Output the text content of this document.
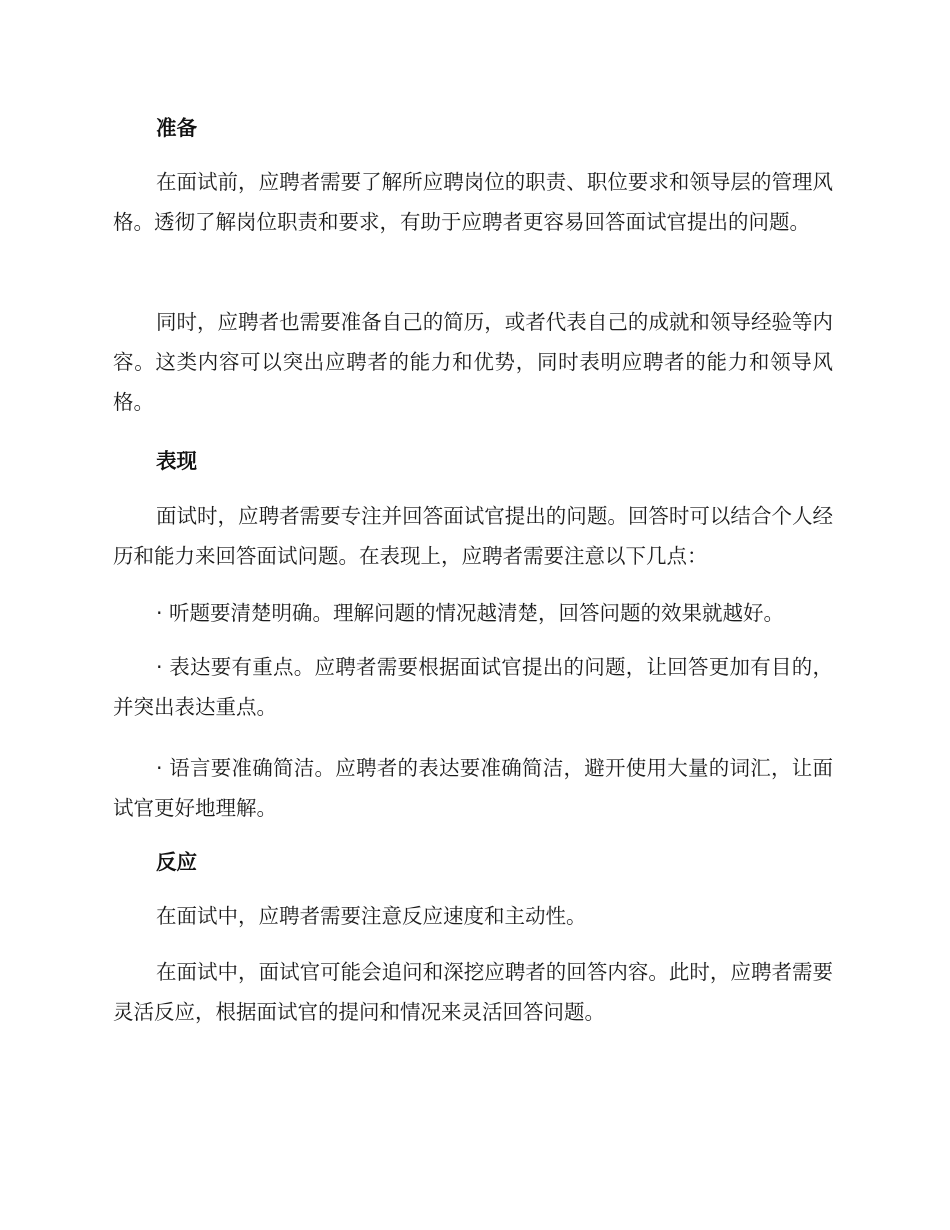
准备

在面试前，应聘者需要了解所应聘岗位的职责、职位要求和领导层的管理风格。透彻了解岗位职责和要求，有助于应聘者更容易回答面试官提出的问题。

同时，应聘者也需要准备自己的简历，或者代表自己的成就和领导经验等内容。这类内容可以突出应聘者的能力和优势，同时表明应聘者的能力和领导风格。

表现

面试时，应聘者需要专注并回答面试官提出的问题。回答时可以结合个人经历和能力来回答面试问题。在表现上，应聘者需要注意以下几点：

· 听题要清楚明确。理解问题的情况越清楚，回答问题的效果就越好。

· 表达要有重点。应聘者需要根据面试官提出的问题，让回答更加有目的，并突出表达重点。

· 语言要准确简洁。应聘者的表达要准确简洁，避开使用大量的词汇，让面试官更好地理解。

反应

在面试中，应聘者需要注意反应速度和主动性。

在面试中，面试官可能会追问和深挖应聘者的回答内容。此时，应聘者需要灵活反应，根据面试官的提问和情况来灵活回答问题。
